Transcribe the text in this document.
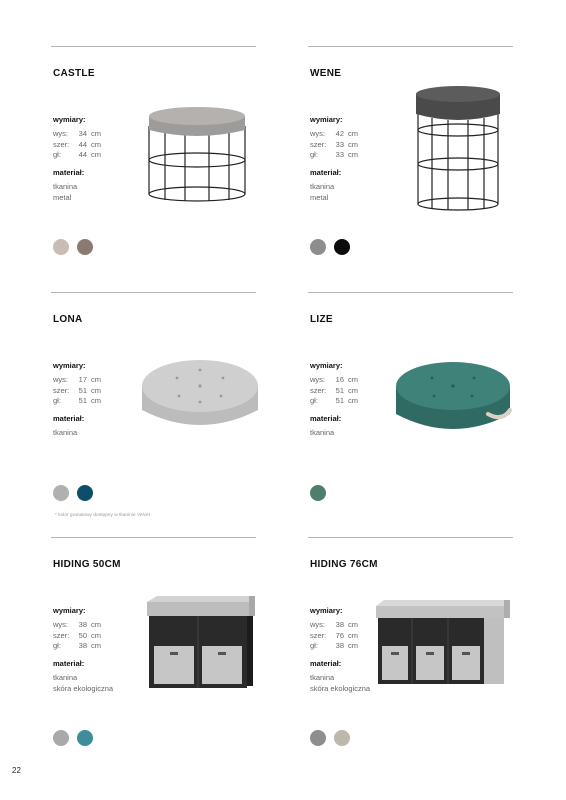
CASTLE
wymiary:
wys: 34 cm
szer: 44 cm
gł: 44 cm
materiał:
tkanina
metal
WENE
wymiary:
wys: 42 cm
szer: 33 cm
gł: 33 cm
materiał:
tkanina
metal
LONA
wymiary:
wys: 17 cm
szer: 51 cm
gł: 51 cm
materiał:
tkanina
LIZE
wymiary:
wys: 16 cm
szer: 51 cm
gł: 51 cm
materiał:
tkanina
HIDING 50CM
wymiary:
wys: 38 cm
szer: 50 cm
gł: 38 cm
materiał:
tkanina
skóra ekologiczna
HIDING 76CM
wymiary:
wys: 38 cm
szer: 76 cm
gł: 38 cm
materiał:
tkanina
skóra ekologiczna
* kolor granatowy dostępny w tkaninie Velvet
22
